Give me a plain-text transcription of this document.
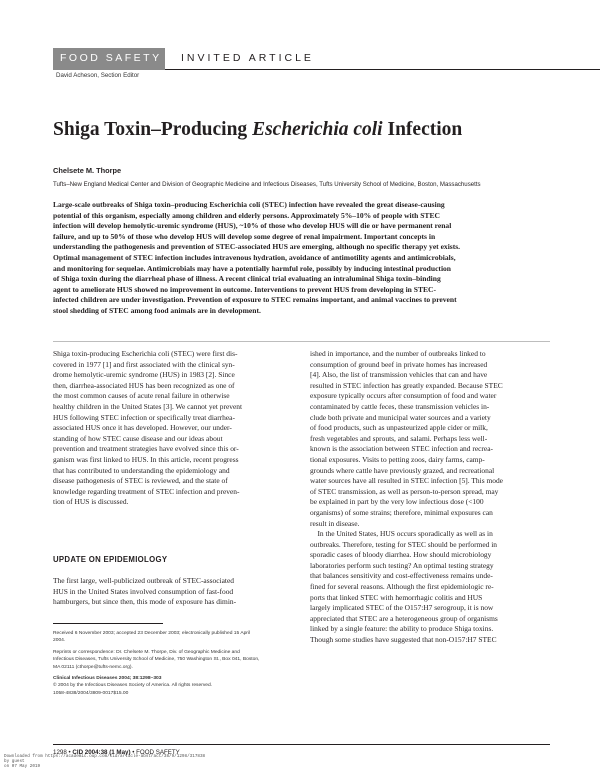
FOOD SAFETY INVITED ARTICLE
David Acheson, Section Editor
Shiga Toxin–Producing Escherichia coli Infection
Chelsete M. Thorpe
Tufts–New England Medical Center and Division of Geographic Medicine and Infectious Diseases, Tufts University School of Medicine, Boston, Massachusetts

Large-scale outbreaks of Shiga toxin–producing Escherichia coli (STEC) infection have revealed the great disease-causing

potential of this organism, especially among children and elderly persons. Approximately 5%–10% of people with STEC

infection will develop hemolytic-uremic syndrome (HUS), ~10% of those who develop HUS will die or have permanent renal

failure, and up to 50% of those who develop HUS will develop some degree of renal impairment. Important concepts in

understanding the pathogenesis and prevention of STEC-associated HUS are emerging, although no specific therapy yet exists.

Optimal management of STEC infection includes intravenous hydration, avoidance of antimotility agents and antimicrobials,

and monitoring for sequelae. Antimicrobials may have a potentially harmful role, possibly by inducing intestinal production

of Shiga toxin during the diarrheal phase of illness. A recent clinical trial evaluating an intraluminal Shiga toxin–binding

agent to ameliorate HUS showed no improvement in outcome. Interventions to prevent HUS from developing in STEC-

infected children are under investigation. Prevention of exposure to STEC remains important, and animal vaccines to prevent

stool shedding of STEC among food animals are in development.

Shiga toxin-producing Escherichia coli (STEC) were first dis-
covered in 1977 [1] and first associated with the clinical syn-
drome hemolytic-uremic syndrome (HUS) in 1983 [2]. Since
then, diarrhea-associated HUS has been recognized as one of
the most common causes of acute renal failure in otherwise
healthy children in the United States [3]. We cannot yet prevent
HUS following STEC infection or specifically treat diarrhea-
associated HUS once it has developed. However, our under-
standing of how STEC cause disease and our ideas about
prevention and treatment strategies have evolved since this or-
ganism was first linked to HUS. In this article, recent progress
that has contributed to understanding the epidemiology and
disease pathogenesis of STEC is reviewed, and the state of
knowledge regarding treatment of STEC infection and preven-
tion of HUS is discussed.
UPDATE ON EPIDEMIOLOGY
The first large, well-publicized outbreak of STEC-associated
HUS in the United States involved consumption of fast-food
hamburgers, but since then, this mode of exposure has dimin-
Received 6 November 2003; accepted 23 December 2003; electronically published 15 April
2004.
Reprints or correspondence: Dr. Chelsete M. Thorpe, Div. of Geographic Medicine and
Infectious Diseases, Tufts University School of Medicine, 750 Washington St., Box 041, Boston,
MA 02111 (cthorpe@tufts-nemc.org).
Clinical Infectious Diseases 2004; 38:1298–303
© 2004 by the Infectious Diseases Society of America. All rights reserved.
1058-4838/2004/3809-0017$15.00
ished in importance, and the number of outbreaks linked to
consumption of ground beef in private homes has increased
[4]. Also, the list of transmission vehicles that can and have
resulted in STEC infection has greatly expanded. Because STEC
exposure typically occurs after consumption of food and water
contaminated by cattle feces, these transmission vehicles in-
clude both private and municipal water sources and a variety
of food products, such as unpasteurized apple cider or milk,
fresh vegetables and sprouts, and salami. Perhaps less well-
known is the association between STEC infection and recrea-
tional exposures. Visits to petting zoos, dairy farms, camp-
grounds where cattle have previously grazed, and recreational
water sources have all resulted in STEC infection [5]. This mode
of STEC transmission, as well as person-to-person spread, may
be explained in part by the very low infectious dose (<100
organisms) of some strains; therefore, minimal exposures can
result in disease.
In the United States, HUS occurs sporadically as well as in
outbreaks. Therefore, testing for STEC should be performed in
sporadic cases of bloody diarrhea. How should microbiology
laboratories perform such testing? An optimal testing strategy
that balances sensitivity and cost-effectiveness remains unde-
fined for several reasons. Although the first epidemiologic re-
ports that linked STEC with hemorrhagic colitis and HUS
largely implicated STEC of the O157:H7 serogroup, it is now
appreciated that STEC are a heterogeneous group of organisms
linked by a single feature: the ability to produce Shiga toxins.
Though some studies have suggested that non-O157:H7 STEC
1298 • CID 2004:38 (1 May) • FOOD SAFETY
Downloaded from https://academic.oup.com/cid/article-abstract/38/9/1298/317838
by guest
on 07 May 2019
